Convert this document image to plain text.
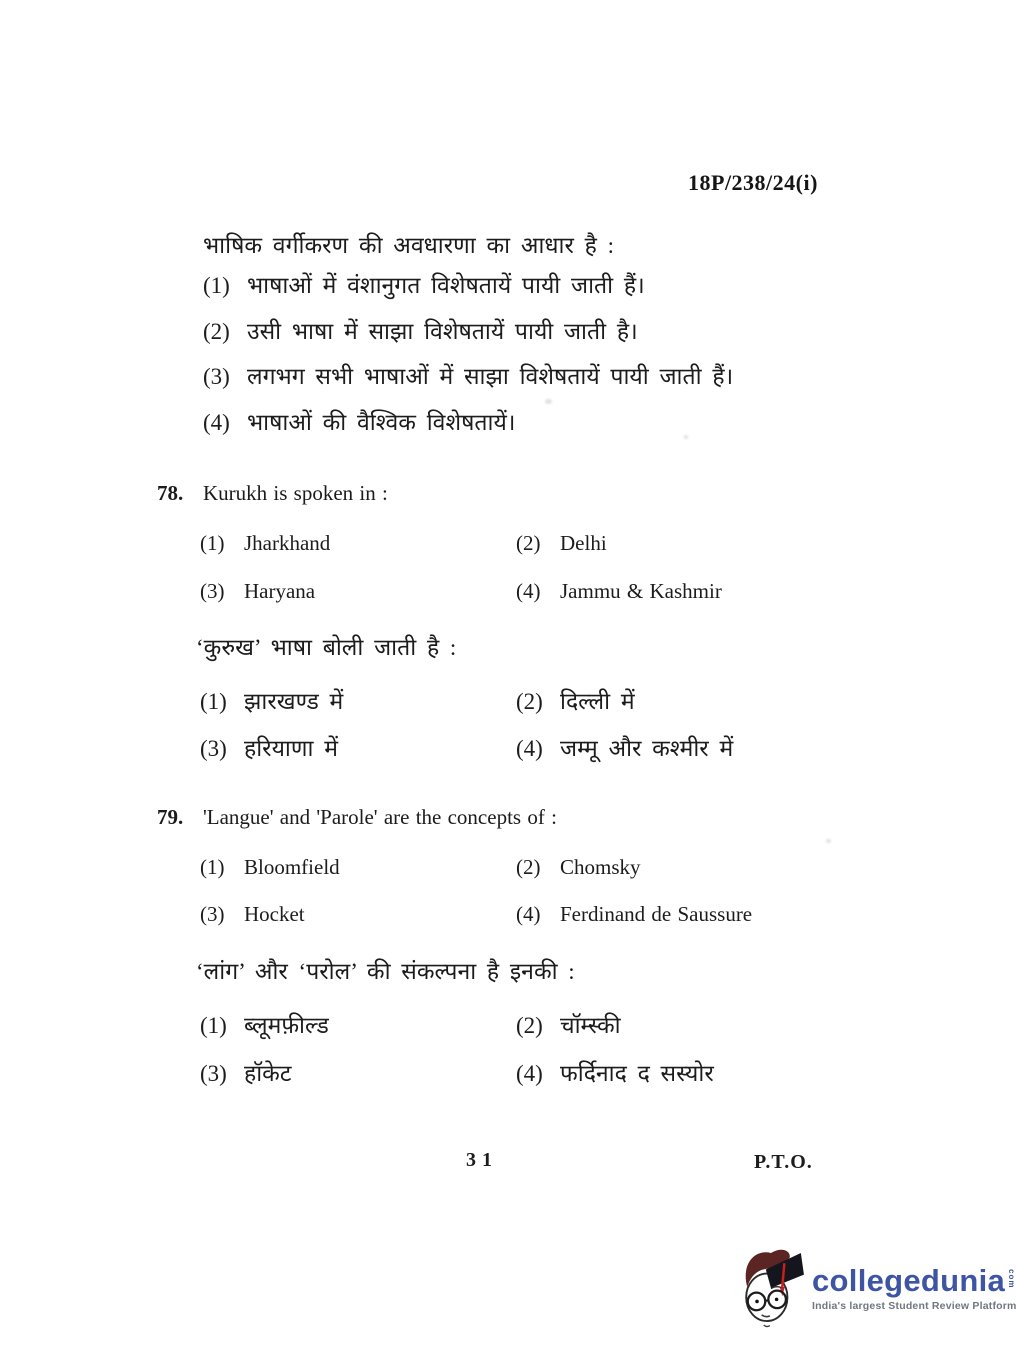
18P/238/24(i)
भाषिक वर्गीकरण की अवधारणा का आधार है :
(1) भाषाओं में वंशानुगत विशेषतायें पायी जाती हैं।
(2) उसी भाषा में साझा विशेषतायें पायी जाती है।
(3) लगभग सभी भाषाओं में साझा विशेषतायें पायी जाती हैं।
(4) भाषाओं की वैश्विक विशेषतायें।
78. Kurukh is spoken in :
(1) Jharkhand	(2) Delhi
(3) Haryana	(4) Jammu & Kashmir
‘कुरुख’ भाषा बोली जाती है :
(1) झारखण्ड में	(2) दिल्ली में
(3) हरियाणा में	(4) जम्मू और कश्मीर में
79. 'Langue' and 'Parole' are the concepts of :
(1) Bloomfield	(2) Chomsky
(3) Hocket	(4) Ferdinand de Saussure
‘लांग’ और ‘परोल’ की संकल्पना है इनकी :
(1) ब्लूमफ़ील्ड	(2) चॉम्स्की
(3) हॉकेट	(4) फर्दिनाद द सस्योर
31	P.T.O.
collegedunia com
India's largest Student Review Platform
